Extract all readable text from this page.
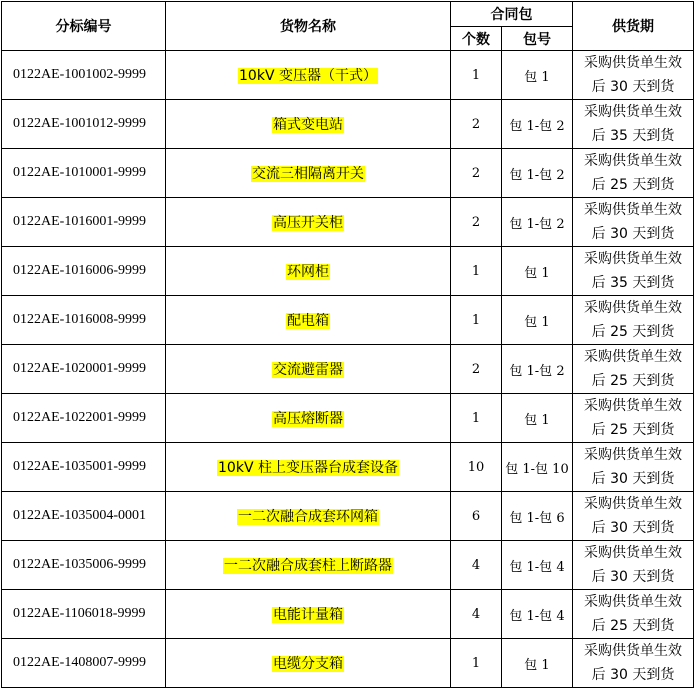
分标编号	货物名称	合同包		供货期
		个数	包号	
0122AE-1001002-9999	10kV 变压器（干式）	1	包 1	采购供货单生效
后 30 天到货

0122AE-1001012-9999	箱式变电站	2	包 1-包 2	采购供货单生效
后 35 天到货

0122AE-1010001-9999	交流三相隔离开关	2	包 1-包 2	采购供货单生效
后 25 天到货

0122AE-1016001-9999	高压开关柜	2	包 1-包 2	采购供货单生效
后 30 天到货

0122AE-1016006-9999	环网柜	1	包 1	采购供货单生效
后 35 天到货

0122AE-1016008-9999	配电箱	1	包 1	采购供货单生效
后 25 天到货

0122AE-1020001-9999	交流避雷器	2	包 1-包 2	采购供货单生效
后 25 天到货

0122AE-1022001-9999	高压熔断器	1	包 1	采购供货单生效
后 25 天到货

0122AE-1035001-9999	10kV 柱上变压器台成套设备	10	包 1-包 10	采购供货单生效
后 30 天到货

0122AE-1035004-0001	一二次融合成套环网箱	6	包 1-包 6	采购供货单生效
后 30 天到货

0122AE-1035006-9999	一二次融合成套柱上断路器	4	包 1-包 4	采购供货单生效
后 30 天到货

0122AE-1106018-9999	电能计量箱	4	包 1-包 4	采购供货单生效
后 25 天到货

0122AE-1408007-9999	电缆分支箱	1	包 1	采购供货单生效
后 30 天到货
